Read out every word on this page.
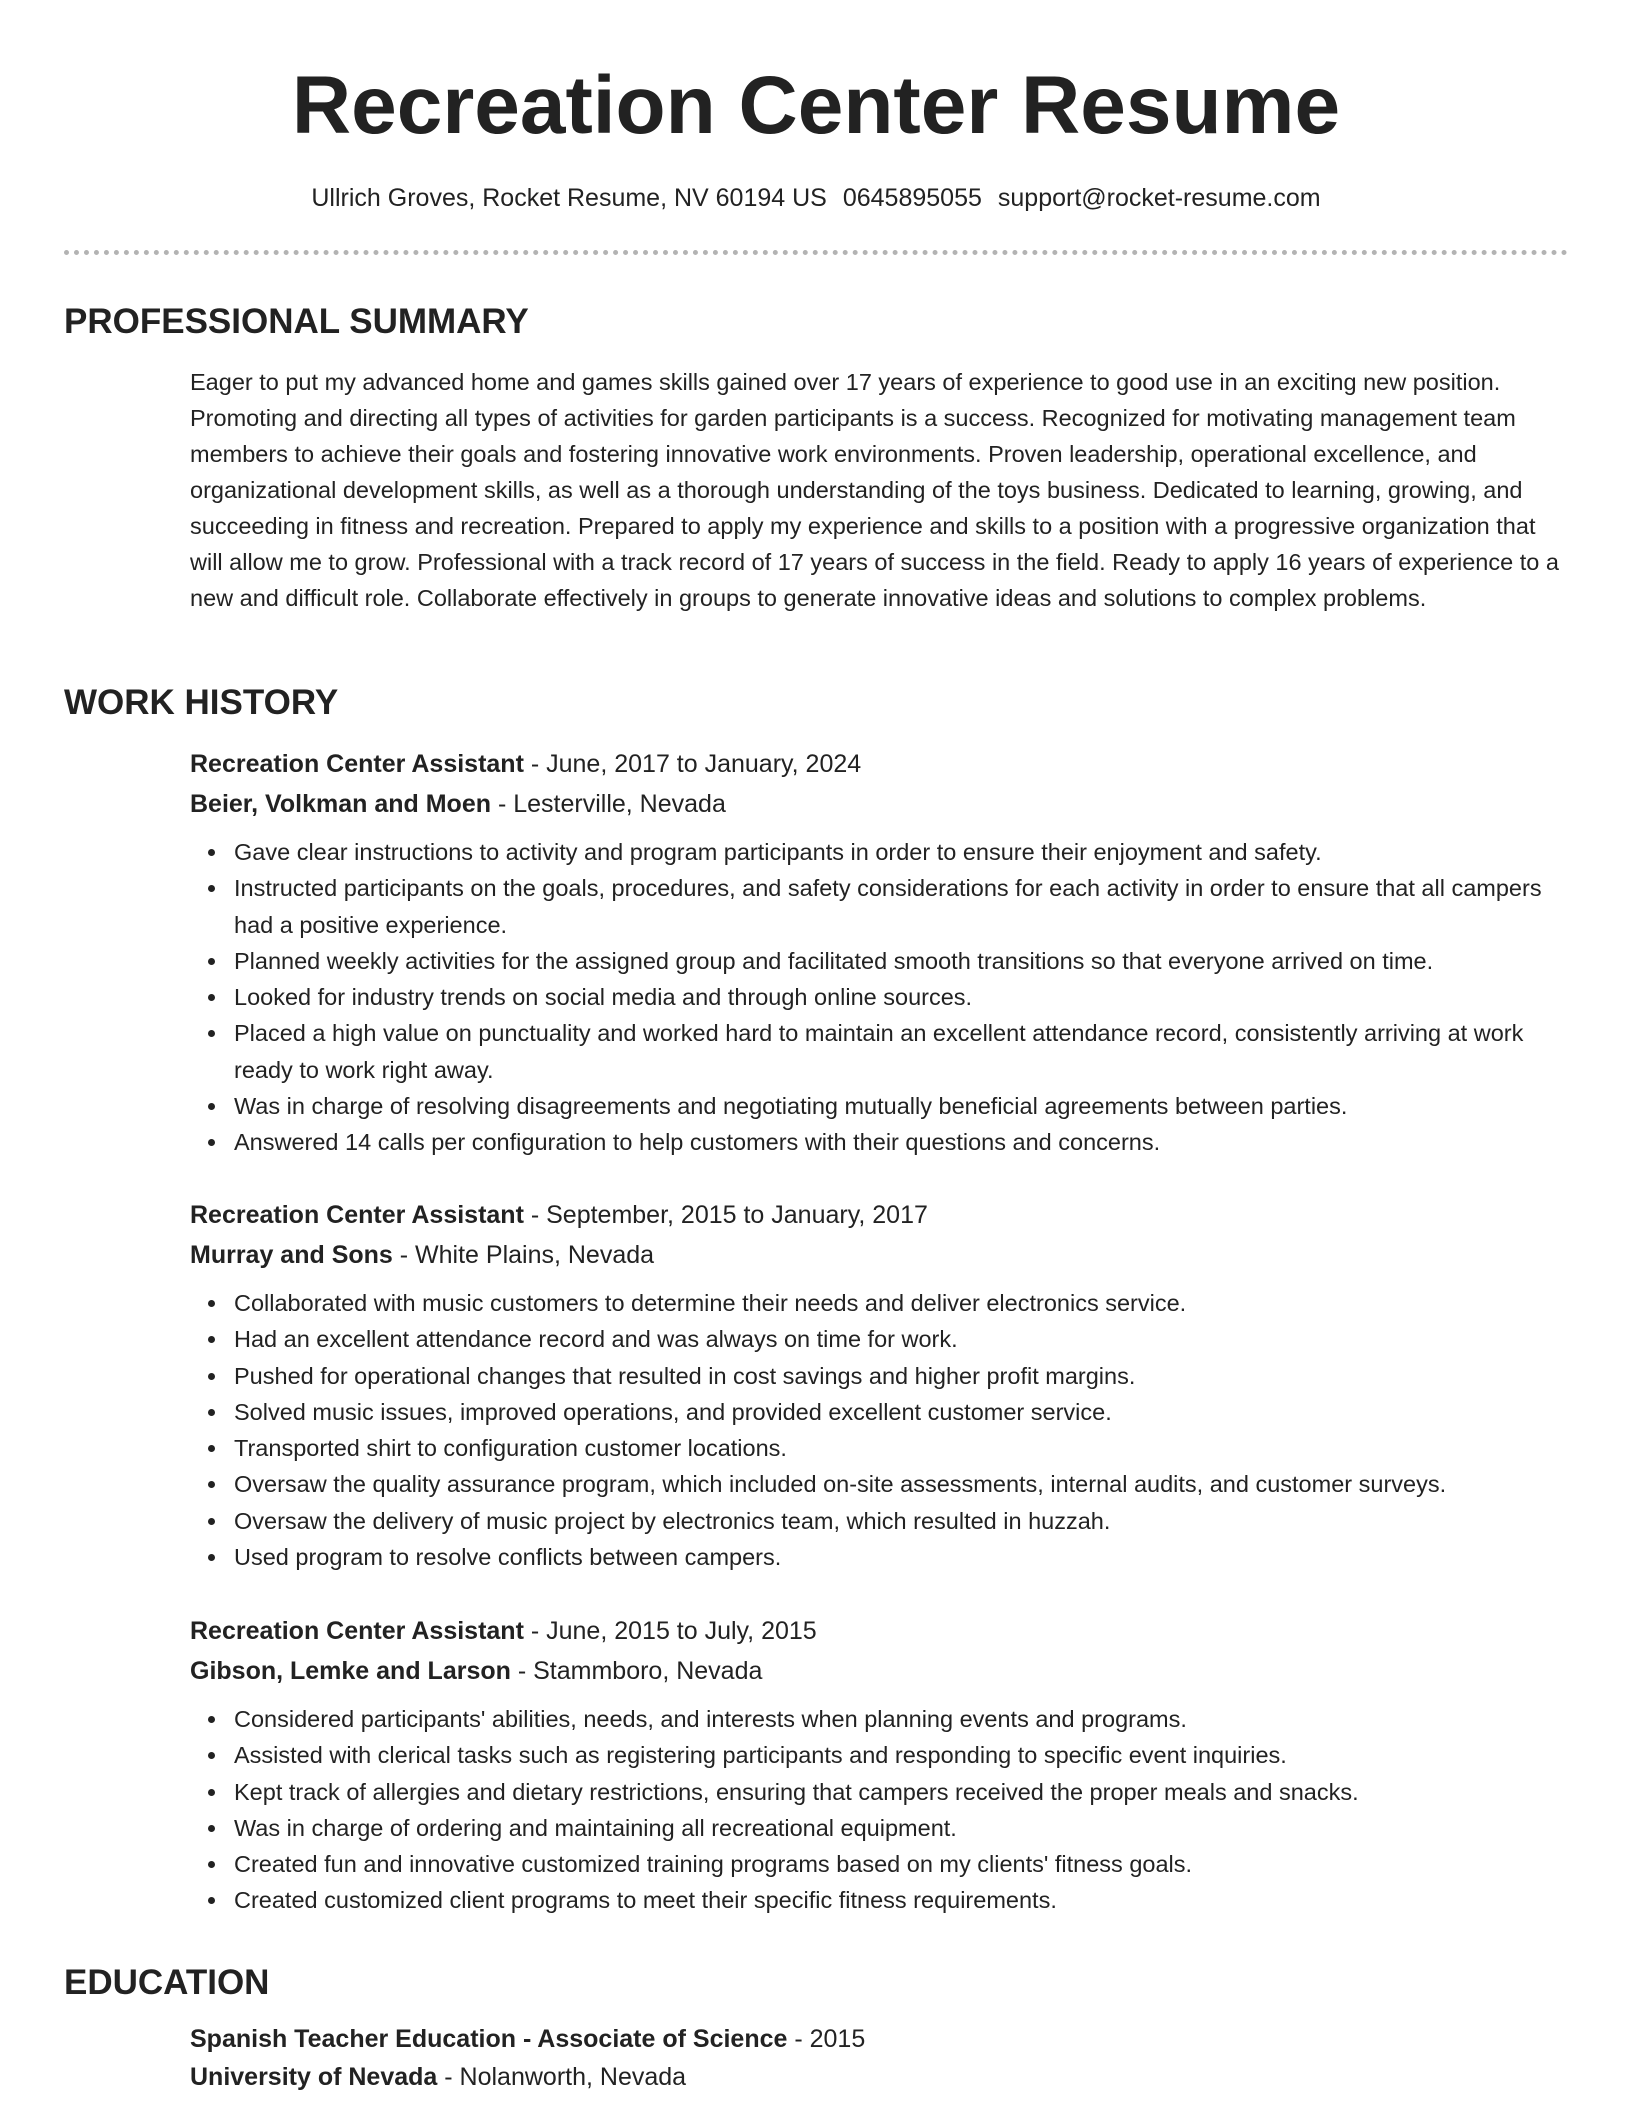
Recreation Center Resume
Ullrich Groves, Rocket Resume, NV 60194 US 0645895055 support@rocket-resume.com
PROFESSIONAL SUMMARY

Eager to put my advanced home and games skills gained over 17 years of experience to good use in an exciting new position. Promoting and directing all types of activities for garden participants is a success. Recognized for motivating management team members to achieve their goals and fostering innovative work environments. Proven leadership, operational excellence, and organizational development skills, as well as a thorough understanding of the toys business. Dedicated to learning, growing, and succeeding in fitness and recreation. Prepared to apply my experience and skills to a position with a progressive organization that will allow me to grow. Professional with a track record of 17 years of success in the field. Ready to apply 16 years of experience to a new and difficult role. Collaborate effectively in groups to generate innovative ideas and solutions to complex problems.

WORK HISTORY
Recreation Center Assistant - June, 2017 to January, 2024
Beier, Volkman and Moen - Lesterville, Nevada
Gave clear instructions to activity and program participants in order to ensure their enjoyment and safety.
Instructed participants on the goals, procedures, and safety considerations for each activity in order to ensure that all campers had a positive experience.
Planned weekly activities for the assigned group and facilitated smooth transitions so that everyone arrived on time.
Looked for industry trends on social media and through online sources.
Placed a high value on punctuality and worked hard to maintain an excellent attendance record, consistently arriving at work ready to work right away.
Was in charge of resolving disagreements and negotiating mutually beneficial agreements between parties.
Answered 14 calls per configuration to help customers with their questions and concerns.
Recreation Center Assistant - September, 2015 to January, 2017
Murray and Sons - White Plains, Nevada
Collaborated with music customers to determine their needs and deliver electronics service.
Had an excellent attendance record and was always on time for work.
Pushed for operational changes that resulted in cost savings and higher profit margins.
Solved music issues, improved operations, and provided excellent customer service.
Transported shirt to configuration customer locations.
Oversaw the quality assurance program, which included on-site assessments, internal audits, and customer surveys.
Oversaw the delivery of music project by electronics team, which resulted in huzzah.
Used program to resolve conflicts between campers.
Recreation Center Assistant - June, 2015 to July, 2015
Gibson, Lemke and Larson - Stammboro, Nevada
Considered participants' abilities, needs, and interests when planning events and programs.
Assisted with clerical tasks such as registering participants and responding to specific event inquiries.
Kept track of allergies and dietary restrictions, ensuring that campers received the proper meals and snacks.
Was in charge of ordering and maintaining all recreational equipment.
Created fun and innovative customized training programs based on my clients' fitness goals.
Created customized client programs to meet their specific fitness requirements.
EDUCATION
Spanish Teacher Education - Associate of Science - 2015
University of Nevada - Nolanworth, Nevada
